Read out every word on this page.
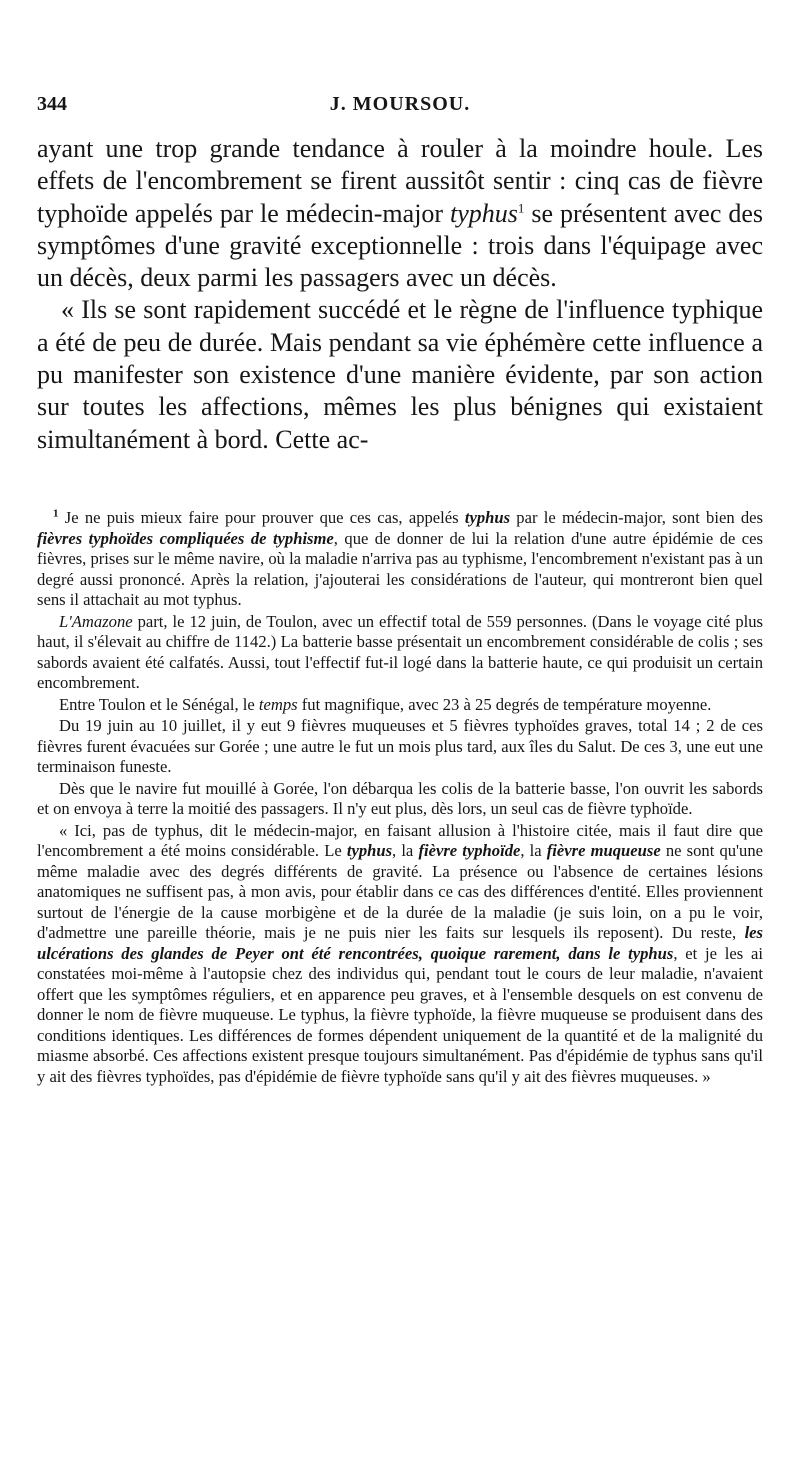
344	J. MOURSOU.

ayant une trop grande tendance à rouler à la moindre houle. Les effets de l'encombrement se firent aussitôt sentir : cinq cas de fièvre typhoïde appelés par le médecin-major typhus$^1$ se présentent avec des symptômes d'une gravité exceptionnelle : trois dans l'équipage avec un décès, deux parmi les passagers avec un décès.

« Ils se sont rapidement succédé et le règne de l'influence typhique a été de peu de durée. Mais pendant sa vie éphémère cette influence a pu manifester son existence d'une manière évidente, par son action sur toutes les affections, mêmes les plus bénignes qui existaient simultanément à bord. Cette ac-

$^1$ Je ne puis mieux faire pour prouver que ces cas, appelés typhus par le médecin-major, sont bien des fièvres typhoïdes compliquées de typhisme, que de donner de lui la relation d'une autre épidémie de ces fièvres, prises sur le même navire, où la maladie n'arriva pas au typhisme, l'encombrement n'existant pas à un degré aussi prononcé. Après la relation, j'ajouterai les considérations de l'auteur, qui montreront bien quel sens il attachait au mot typhus.

L'Amazone part, le 12 juin, de Toulon, avec un effectif total de 559 personnes. (Dans le voyage cité plus haut, il s'élevait au chiffre de 1142.) La batterie basse présentait un encombrement considérable de colis ; ses sabords avaient été calfatés. Aussi, tout l'effectif fut-il logé dans la batterie haute, ce qui produisit un certain encombrement.

Entre Toulon et le Sénégal, le temps fut magnifique, avec 23 à 25 degrés de température moyenne.

Du 19 juin au 10 juillet, il y eut 9 fièvres muqueuses et 5 fièvres typhoïdes graves, total 14 ; 2 de ces fièvres furent évacuées sur Gorée ; une autre le fut un mois plus tard, aux îles du Salut. De ces 3, une eut une terminaison funeste.

Dès que le navire fut mouillé à Gorée, l'on débarqua les colis de la batterie basse, l'on ouvrit les sabords et on envoya à terre la moitié des passagers. Il n'y eut plus, dès lors, un seul cas de fièvre typhoïde.

« Ici, pas de typhus, dit le médecin-major, en faisant allusion à l'histoire citée, mais il faut dire que l'encombrement a été moins considérable. Le typhus, la fièvre typhoïde, la fièvre muqueuse ne sont qu'une même maladie avec des degrés différents de gravité. La présence ou l'absence de certaines lésions anatomiques ne suffisent pas, à mon avis, pour établir dans ce cas des différences d'entité. Elles proviennent surtout de l'énergie de la cause morbigène et de la durée de la maladie (je suis loin, on a pu le voir, d'admettre une pareille théorie, mais je ne puis nier les faits sur lesquels ils reposent). Du reste, les ulcérations des glandes de Peyer ont été rencontrées, quoique rarement, dans le typhus, et je les ai constatées moi-même à l'autopsie chez des individus qui, pendant tout le cours de leur maladie, n'avaient offert que les symptômes réguliers, et en apparence peu graves, et à l'ensemble desquels on est convenu de donner le nom de fièvre muqueuse. Le typhus, la fièvre typhoïde, la fièvre muqueuse se produisent dans des conditions identiques. Les différences de formes dépendent uniquement de la quantité et de la malignité du miasme absorbé. Ces affections existent presque toujours simultanément. Pas d'épidémie de typhus sans qu'il y ait des fièvres typhoïdes, pas d'épidémie de fièvre typhoïde sans qu'il y ait des fièvres muqueuses. »
